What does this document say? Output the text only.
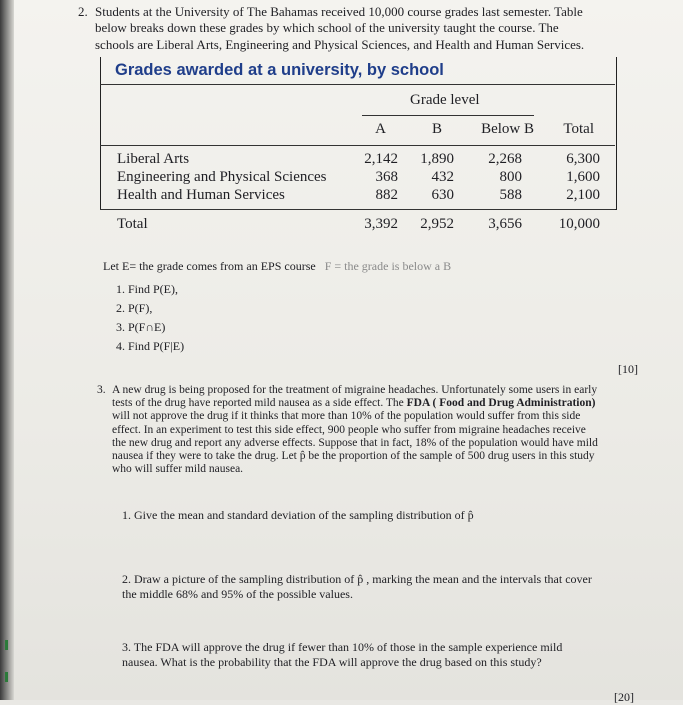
2. Students at the University of The Bahamas received 10,000 course grades last semester. Table below breaks down these grades by which school of the university taught the course. The schools are Liberal Arts, Engineering and Physical Sciences, and Health and Human Services.
Grades awarded at a university, by school
Grade level
A	B	Below B	Total
Liberal Arts	2,142	1,890	2,268	6,300
Engineering and Physical Sciences	368	432	800	1,600
Health and Human Services	882	630	588	2,100
Total	3,392	2,952	3,656	10,000
Let E= the grade comes from an EPS course F = the grade is below a B
1. Find P(E),
2. P(F),
3. P(F∩E)
4. Find P(F|E)
[10]
3. A new drug is being proposed for the treatment of migraine headaches. Unfortunately some users in early tests of the drug have reported mild nausea as a side effect. The FDA ( Food and Drug Administration) will not approve the drug if it thinks that more than 10% of the population would suffer from this side effect. In an experiment to test this side effect, 900 people who suffer from migraine headaches receive the new drug and report any adverse effects. Suppose that in fact, 18% of the population would have mild nausea if they were to take the drug. Let p̂ be the proportion of the sample of 500 drug users in this study who will suffer mild nausea.
1. Give the mean and standard deviation of the sampling distribution of p̂
2. Draw a picture of the sampling distribution of p̂ , marking the mean and the intervals that cover the middle 68% and 95% of the possible values.
3. The FDA will approve the drug if fewer than 10% of those in the sample experience mild nausea. What is the probability that the FDA will approve the drug based on this study?
[20]
